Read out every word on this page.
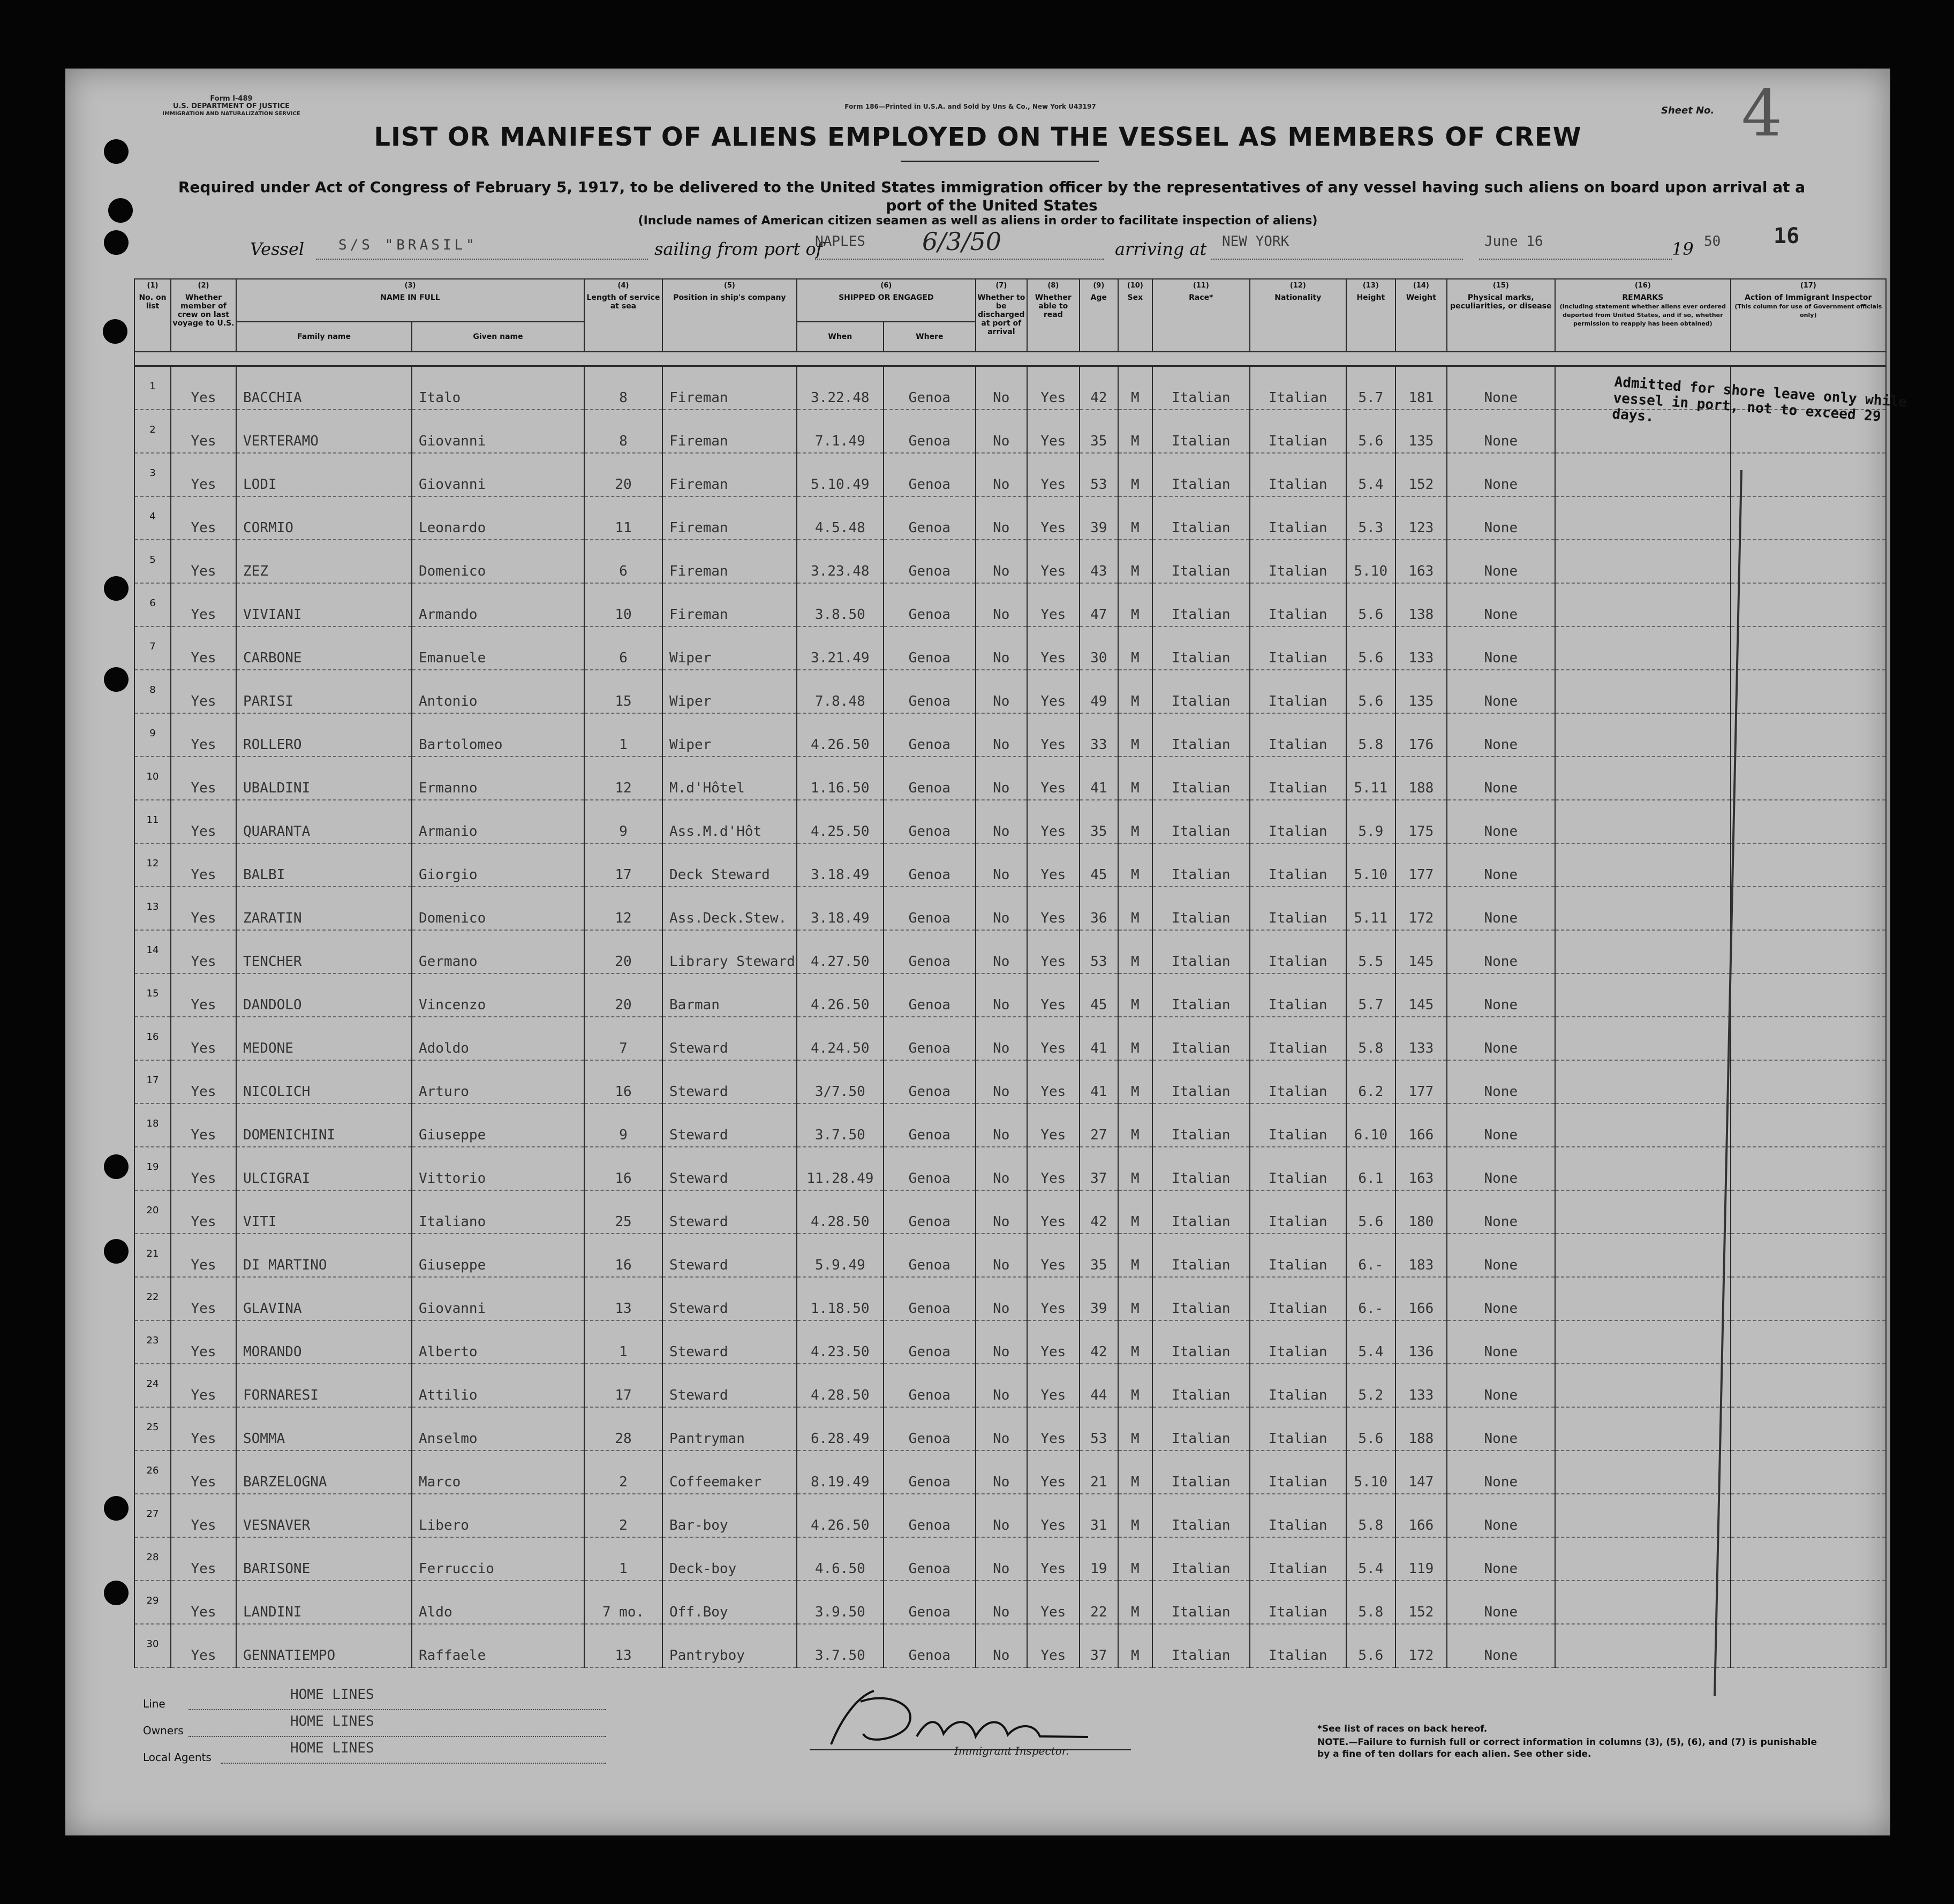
Form I-489
U.S. DEPARTMENT OF JUSTICE
IMMIGRATION AND NATURALIZATION SERVICE
Form 186—Printed in U.S.A. and Sold by Uns & Co., New York U43197	Sheet No. 4
LIST OR MANIFEST OF ALIENS EMPLOYED ON THE VESSEL AS MEMBERS OF CREW
Required under Act of Congress of February 5, 1917, to be delivered to the United States immigration officer by the representatives of any vessel having such aliens on board upon arrival at a port of the United States
(Include names of American citizen seamen as well as aliens in order to facilitate inspection of aliens)
Vessel S/S "BRASIL"	sailing from port of
NAPLES 6/3/50	arriving at NEW YORK	June 16	19 50 16
(1)
No. on list	(2)
Whether member of crew on last voyage to U.S.	(3)
NAME IN FULL		(4)
Length of service at sea	(5)
Position in ship's company	(6)
SHIPPED OR ENGAGED		(7)
Whether to be discharged at port of arrival	(8)
Whether able to read	(9)
Age	(10)
Sex	(11)
Race*	(12)
Nationality	(13)
Height	(14)
Weight	(15)
Physical marks, peculiarities, or disease	(16)
REMARKS
(Including statement whether aliens ever ordered deported from United States, and if so, whether permission to reapply has been obtained)	(17)
Action of Immigrant Inspector
(This column for use of Government officials only)
		Family name	Given name			When	Where											

1	Yes	BACCHIA	Italo	8	Fireman	3.22.48	Genoa	No	Yes	42	M	Italian	Italian	5.7	181	None		
2	Yes	VERTERAMO	Giovanni	8	Fireman	7.1.49	Genoa	No	Yes	35	M	Italian	Italian	5.6	135	None		
3	Yes	LODI	Giovanni	20	Fireman	5.10.49	Genoa	No	Yes	53	M	Italian	Italian	5.4	152	None		
4	Yes	CORMIO	Leonardo	11	Fireman	4.5.48	Genoa	No	Yes	39	M	Italian	Italian	5.3	123	None		
5	Yes	ZEZ	Domenico	6	Fireman	3.23.48	Genoa	No	Yes	43	M	Italian	Italian	5.10	163	None		
6	Yes	VIVIANI	Armando	10	Fireman	3.8.50	Genoa	No	Yes	47	M	Italian	Italian	5.6	138	None		
7	Yes	CARBONE	Emanuele	6	Wiper	3.21.49	Genoa	No	Yes	30	M	Italian	Italian	5.6	133	None		
8	Yes	PARISI	Antonio	15	Wiper	7.8.48	Genoa	No	Yes	49	M	Italian	Italian	5.6	135	None		
9	Yes	ROLLERO	Bartolomeo	1	Wiper	4.26.50	Genoa	No	Yes	33	M	Italian	Italian	5.8	176	None		
10	Yes	UBALDINI	Ermanno	12	M.d'Hôtel	1.16.50	Genoa	No	Yes	41	M	Italian	Italian	5.11	188	None		
11	Yes	QUARANTA	Armanio	9	Ass.M.d'Hôt	4.25.50	Genoa	No	Yes	35	M	Italian	Italian	5.9	175	None		
12	Yes	BALBI	Giorgio	17	Deck Steward	3.18.49	Genoa	No	Yes	45	M	Italian	Italian	5.10	177	None		
13	Yes	ZARATIN	Domenico	12	Ass.Deck.Stew.	3.18.49	Genoa	No	Yes	36	M	Italian	Italian	5.11	172	None		
14	Yes	TENCHER	Germano	20	Library Steward	4.27.50	Genoa	No	Yes	53	M	Italian	Italian	5.5	145	None		
15	Yes	DANDOLO	Vincenzo	20	Barman	4.26.50	Genoa	No	Yes	45	M	Italian	Italian	5.7	145	None		
16	Yes	MEDONE	Adoldo	7	Steward	4.24.50	Genoa	No	Yes	41	M	Italian	Italian	5.8	133	None		
17	Yes	NICOLICH	Arturo	16	Steward	3/7.50	Genoa	No	Yes	41	M	Italian	Italian	6.2	177	None		
18	Yes	DOMENICHINI	Giuseppe	9	Steward	3.7.50	Genoa	No	Yes	27	M	Italian	Italian	6.10	166	None		
19	Yes	ULCIGRAI	Vittorio	16	Steward	11.28.49	Genoa	No	Yes	37	M	Italian	Italian	6.1	163	None		
20	Yes	VITI	Italiano	25	Steward	4.28.50	Genoa	No	Yes	42	M	Italian	Italian	5.6	180	None		
21	Yes	DI MARTINO	Giuseppe	16	Steward	5.9.49	Genoa	No	Yes	35	M	Italian	Italian	6.-	183	None		
22	Yes	GLAVINA	Giovanni	13	Steward	1.18.50	Genoa	No	Yes	39	M	Italian	Italian	6.-	166	None		
23	Yes	MORANDO	Alberto	1	Steward	4.23.50	Genoa	No	Yes	42	M	Italian	Italian	5.4	136	None		
24	Yes	FORNARESI	Attilio	17	Steward	4.28.50	Genoa	No	Yes	44	M	Italian	Italian	5.2	133	None		
25	Yes	SOMMA	Anselmo	28	Pantryman	6.28.49	Genoa	No	Yes	53	M	Italian	Italian	5.6	188	None		
26	Yes	BARZELOGNA	Marco	2	Coffeemaker	8.19.49	Genoa	No	Yes	21	M	Italian	Italian	5.10	147	None		
27	Yes	VESNAVER	Libero	2	Bar-boy	4.26.50	Genoa	No	Yes	31	M	Italian	Italian	5.8	166	None		
28	Yes	BARISONE	Ferruccio	1	Deck-boy	4.6.50	Genoa	No	Yes	19	M	Italian	Italian	5.4	119	None		
29	Yes	LANDINI	Aldo	7 mo.	Off.Boy	3.9.50	Genoa	No	Yes	22	M	Italian	Italian	5.8	152	None		
30	Yes	GENNATIEMPO	Raffaele	13	Pantryboy	3.7.50	Genoa	No	Yes	37	M	Italian	Italian	5.6	172	None		
Admitted for shore leave only while vessel in port, not to exceed 29 days.
Line
HOME LINES
Owners
HOME LINES
Local Agents
HOME LINES	Immigrant Inspector.
*See list of races on back hereof.
NOTE.—Failure to furnish full or correct information in columns (3), (5), (6), and (7) is punishable by a fine of ten dollars for each alien. See other side.
